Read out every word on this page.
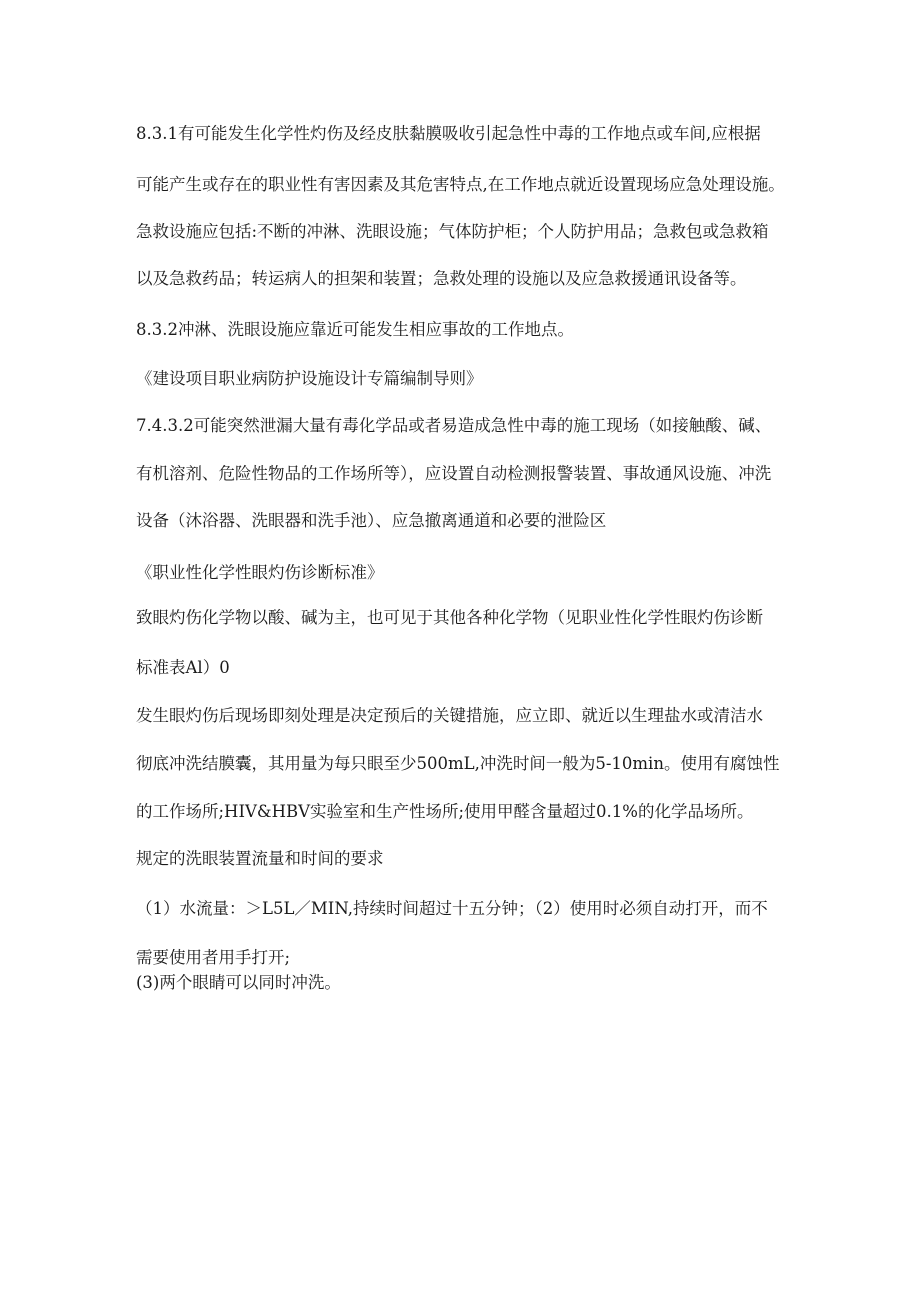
8.3.1有可能发生化学性灼伤及经皮肤黏膜吸收引起急性中毒的工作地点或车间,应根据
可能产生或存在的职业性有害因素及其危害特点,在工作地点就近设置现场应急处理设施。
急救设施应包括:不断的冲淋、洗眼设施；气体防护柜；个人防护用品；急救包或急救箱
以及急救药品；转运病人的担架和装置；急救处理的设施以及应急救援通讯设备等。
8.3.2冲淋、洗眼设施应靠近可能发生相应事故的工作地点。
《建设项目职业病防护设施设计专篇编制导则》
7.4.3.2可能突然泄漏大量有毒化学品或者易造成急性中毒的施工现场（如接触酸、碱、
有机溶剂、危险性物品的工作场所等），应设置自动检测报警装置、事故通风设施、冲洗
设备（沐浴器、洗眼器和洗手池）、应急撤离通道和必要的泄险区
《职业性化学性眼灼伤诊断标准》
致眼灼伤化学物以酸、碱为主，也可见于其他各种化学物（见职业性化学性眼灼伤诊断
标准表Al）0
发生眼灼伤后现场即刻处理是决定预后的关键措施，应立即、就近以生理盐水或清洁水
彻底冲洗结膜囊，其用量为每只眼至少500mL,冲洗时间一般为5-10min。使用有腐蚀性
的工作场所;HIV&HBV实验室和生产性场所;使用甲醛含量超过0.1%的化学品场所。
规定的洗眼装置流量和时间的要求
（1）水流量：＞L5L／MIN,持续时间超过十五分钟；（2）使用时必须自动打开，而不
需要使用者用手打开;
(3)两个眼睛可以同时冲洗。
